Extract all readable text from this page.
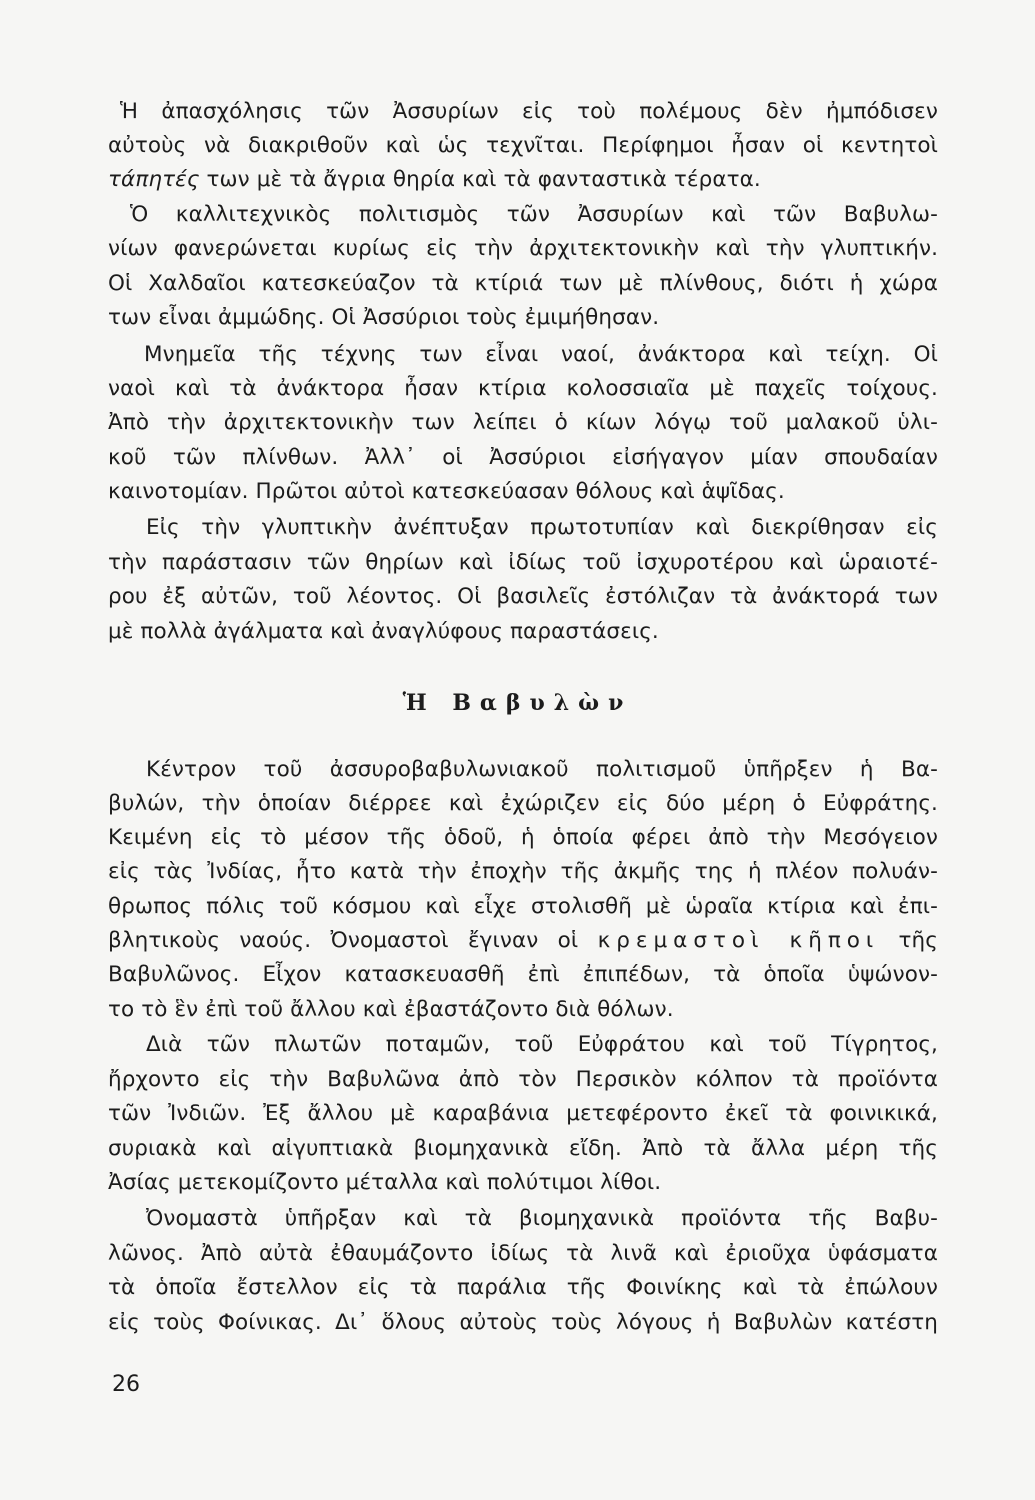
Ἡ ἀπασχόλησις τῶν Ἀσσυρίων εἰς τοὺ πολέμους δὲν ἠμπόδισεν
αὐτοὺς νὰ διακριθοῦν καὶ ὡς τεχνῖται. Περίφημοι ἦσαν οἱ κεντητοὶ
τάπητές των μὲ τὰ ἄγρια θηρία καὶ τὰ φανταστικὰ τέρατα.
Ὁ καλλιτεχνικὸς πολιτισμὸς τῶν Ἀσσυρίων καὶ τῶν Βαβυλω-
νίων φανερώνεται κυρίως εἰς τὴν ἀρχιτεκτονικὴν καὶ τὴν γλυπτικήν.
Οἱ Χαλδαῖοι κατεσκεύαζον τὰ κτίριά των μὲ πλίνθους, διότι ἡ χώρα
των εἶναι ἀμμώδης. Οἱ Ἀσσύριοι τοὺς ἐμιμήθησαν.
Μνημεῖα τῆς τέχνης των εἶναι ναοί, ἀνάκτορα καὶ τείχη. Οἱ
ναοὶ καὶ τὰ ἀνάκτορα ἦσαν κτίρια κολοσσιαῖα μὲ παχεῖς τοίχους.
Ἀπὸ τὴν ἀρχιτεκτονικὴν των λείπει ὁ κίων λόγῳ τοῦ μαλακοῦ ὑλι-
κοῦ τῶν πλίνθων. Ἀλλ᾽ οἱ Ἀσσύριοι εἰσήγαγον μίαν σπουδαίαν
καινοτομίαν. Πρῶτοι αὐτοὶ κατεσκεύασαν θόλους καὶ ἁψῖδας.
Εἰς τὴν γλυπτικὴν ἀνέπτυξαν πρωτοτυπίαν καὶ διεκρίθησαν εἰς
τὴν παράστασιν τῶν θηρίων καὶ ἰδίως τοῦ ἰσχυροτέρου καὶ ὡραιοτέ-
ρου ἐξ αὐτῶν, τοῦ λέοντος. Οἱ βασιλεῖς ἐστόλιζαν τὰ ἀνάκτορά των
μὲ πολλὰ ἀγάλματα καὶ ἀναγλύφους παραστάσεις.
Ἡ Βαβυλὼν
Κέντρον τοῦ ἀσσυροβαβυλωνιακοῦ πολιτισμοῦ ὑπῆρξεν ἡ Βα-
βυλών, τὴν ὁποίαν διέρρεε καὶ ἐχώριζεν εἰς δύο μέρη ὁ Εὐφράτης.
Κειμένη εἰς τὸ μέσον τῆς ὁδοῦ, ἡ ὁποία φέρει ἀπὸ τὴν Μεσόγειον
εἰς τὰς Ἰνδίας, ἦτο κατὰ τὴν ἐποχὴν τῆς ἀκμῆς της ἡ πλέον πολυάν-
θρωπος πόλις τοῦ κόσμου καὶ εἶχε στολισθῆ μὲ ὡραῖα κτίρια καὶ ἐπι-
βλητικοὺς ναούς. Ὀνομαστοὶ ἔγιναν οἱ κρεμαστοὶ κῆποι τῆς
Βαβυλῶνος. Εἶχον κατασκευασθῆ ἐπὶ ἐπιπέδων, τὰ ὁποῖα ὑψώνον-
το τὸ ἓν ἐπὶ τοῦ ἄλλου καὶ ἐβαστάζοντο διὰ θόλων.
Διὰ τῶν πλωτῶν ποταμῶν, τοῦ Εὐφράτου καὶ τοῦ Τίγρητος,
ἤρχοντο εἰς τὴν Βαβυλῶνα ἀπὸ τὸν Περσικὸν κόλπον τὰ προϊόντα
τῶν Ἰνδιῶν. Ἐξ ἄλλου μὲ καραβάνια μετεφέροντο ἐκεῖ τὰ φοινικικά,
συριακὰ καὶ αἰγυπτιακὰ βιομηχανικὰ εἴδη. Ἀπὸ τὰ ἄλλα μέρη τῆς
Ἀσίας μετεκομίζοντο μέταλλα καὶ πολύτιμοι λίθοι.
Ὀνομαστὰ ὑπῆρξαν καὶ τὰ βιομηχανικὰ προϊόντα τῆς Βαβυ-
λῶνος. Ἀπὸ αὐτὰ ἐθαυμάζοντο ἰδίως τὰ λινᾶ καὶ ἐριοῦχα ὑφάσματα
τὰ ὁποῖα ἔστελλον εἰς τὰ παράλια τῆς Φοινίκης καὶ τὰ ἐπώλουν
εἰς τοὺς Φοίνικας. Δι᾽ ὅλους αὐτοὺς τοὺς λόγους ἡ Βαβυλὼν κατέστη
26
